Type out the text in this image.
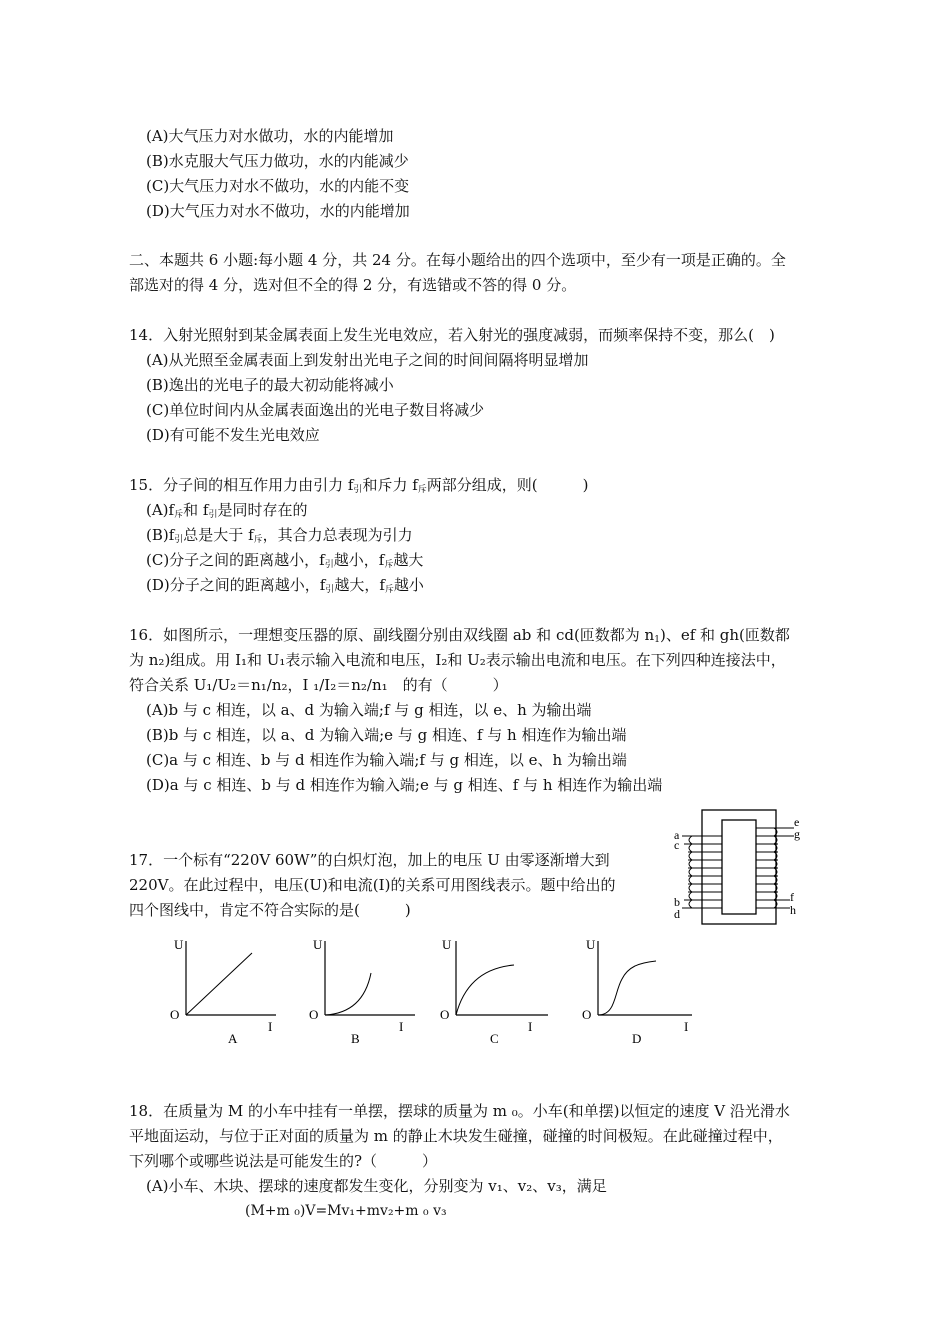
(A)大气压力对水做功，水的内能增加
(B)水克服大气压力做功，水的内能减少
(C)大气压力对水不做功，水的内能不变
(D)大气压力对水不做功，水的内能增加
二、本题共 6 小题:每小题 4 分，共 24 分。在每小题给出的四个选项中，至少有一项是正确的。全
部选对的得 4 分，选对但不全的得 2 分，有选错或不答的得 0 分。
14．入射光照射到某金属表面上发生光电效应，若入射光的强度减弱，而频率保持不变，那么(　)
(A)从光照至金属表面上到发射出光电子之间的时间间隔将明显增加
(B)逸出的光电子的最大初动能将减小
(C)单位时间内从金属表面逸出的光电子数目将减少
(D)有可能不发生光电效应
15．分子间的相互作用力由引力 $f_引$和斥力 $f_斥$两部分组成，则(　　　)
$(A)f_斥$和 $f_引$是同时存在的
$(B)f_引$总是大于 $f_斥$，其合力总表现为引力
(C)分子之间的距离越小，$f_引$越小，$f_斥$越大
(D)分子之间的距离越小，$f_引$越大，$f_斥$越小
16．如图所示，一理想变压器的原、副线圈分别由双线圈 ab 和 cd(匝数都为 $n_1$)、ef 和 gh(匝数都
为 n₂)组成。用 I₁和 U₁表示输入电流和电压，I₂和 U₂表示输出电流和电压。在下列四种连接法中，
符合关系 U₁/U₂＝n₁/n₂，I ₁/I₂＝n₂/n₁　的有（　　　）
(A)b 与 c 相连，以 a、d 为输入端;f 与 g 相连，以 e、h 为输出端
(B)b 与 c 相连，以 a、d 为输入端;e 与 g 相连、f 与 h 相连作为输出端
(C)a 与 c 相连、b 与 d 相连作为输入端;f 与 g 相连，以 e、h 为输出端
(D)a 与 c 相连、b 与 d 相连作为输入端;e 与 g 相连、f 与 h 相连作为输出端
a
c
b
d
e
g
f
h
17．一个标有“220V 60W”的白炽灯泡，加上的电压 U 由零逐渐增大到
220V。在此过程中，电压(U)和电流(I)的关系可用图线表示。题中给出的
四个图线中，肯定不符合实际的是(　　　)
U
O
I
A
U
O
I
B
U
O
I
C
U
O
I
D
18．在质量为 M 的小车中挂有一单摆，摆球的质量为 m ₀。小车(和单摆)以恒定的速度 V 沿光滑水
平地面运动，与位于正对面的质量为 m 的静止木块发生碰撞，碰撞的时间极短。在此碰撞过程中，
下列哪个或哪些说法是可能发生的?（　　　）
(A)小车、木块、摆球的速度都发生变化，分别变为 v₁、v₂、v₃，满足
(M+m ₀)V=Mv₁+mv₂+m ₀ v₃
